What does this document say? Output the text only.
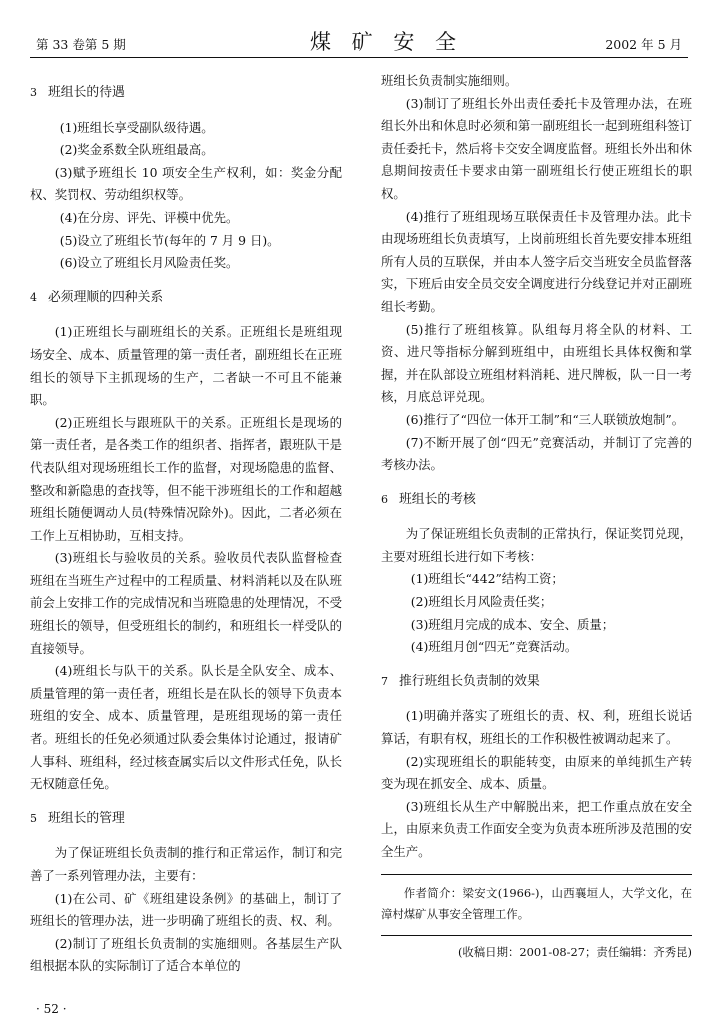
第 33 卷第 5 期	煤 矿 安 全	2002 年 5 月

3 班组长的待遇

(1)班组长享受副队级待遇。

(2)奖金系数全队班组最高。

(3)赋予班组长 10 项安全生产权利，如：奖金分配权、奖罚权、劳动组织权等。

(4)在分房、评先、评模中优先。

(5)设立了班组长节(每年的 7 月 9 日)。

(6)设立了班组长月风险责任奖。

4 必须理顺的四种关系

(1)正班组长与副班组长的关系。正班组长是班组现场安全、成本、质量管理的第一责任者，副班组长在正班组长的领导下主抓现场的生产，二者缺一不可且不能兼职。

(2)正班组长与跟班队干的关系。正班组长是现场的第一责任者，是各类工作的组织者、指挥者，跟班队干是代表队组对现场班组长工作的监督，对现场隐患的监督、整改和新隐患的查找等，但不能干涉班组长的工作和超越班组长随便调动人员(特殊情况除外)。因此，二者必须在工作上互相协助，互相支持。

(3)班组长与验收员的关系。验收员代表队监督检查班组在当班生产过程中的工程质量、材料消耗以及在队班前会上安排工作的完成情况和当班隐患的处理情况，不受班组长的领导，但受班组长的制约，和班组长一样受队的直接领导。

(4)班组长与队干的关系。队长是全队安全、成本、质量管理的第一责任者，班组长是在队长的领导下负责本班组的安全、成本、质量管理，是班组现场的第一责任者。班组长的任免必须通过队委会集体讨论通过，报请矿人事科、班组科，经过核查属实后以文件形式任免，队长无权随意任免。

5 班组长的管理

为了保证班组长负责制的推行和正常运作，制订和完善了一系列管理办法，主要有：

(1)在公司、矿《班组建设条例》的基础上，制订了班组长的管理办法，进一步明确了班组长的责、权、利。

(2)制订了班组长负责制的实施细则。各基层生产队组根据本队的实际制订了适合本单位的

班组长负责制实施细则。

(3)制订了班组长外出责任委托卡及管理办法，在班组长外出和休息时必须和第一副班组长一起到班组科签订责任委托卡，然后将卡交安全调度监督。班组长外出和休息期间按责任卡要求由第一副班组长行使正班组长的职权。

(4)推行了班组现场互联保责任卡及管理办法。此卡由现场班组长负责填写，上岗前班组长首先要安排本班组所有人员的互联保，并由本人签字后交当班安全员监督落实，下班后由安全员交安全调度进行分线登记并对正副班组长考勤。

(5)推行了班组核算。队组每月将全队的材料、工资、进尺等指标分解到班组中，由班组长具体权衡和掌握，并在队部设立班组材料消耗、进尺牌板，队一日一考核，月底总评兑现。

(6)推行了“四位一体开工制”和“三人联锁放炮制”。

(7)不断开展了创“四无”竞赛活动，并制订了完善的考核办法。

6 班组长的考核

为了保证班组长负责制的正常执行，保证奖罚兑现，主要对班组长进行如下考核：

(1)班组长“442”结构工资；

(2)班组长月风险责任奖；

(3)班组月完成的成本、安全、质量；

(4)班组月创“四无”竞赛活动。

7 推行班组长负责制的效果

(1)明确并落实了班组长的责、权、利，班组长说话算话，有职有权，班组长的工作积极性被调动起来了。

(2)实现班组长的职能转变，由原来的单纯抓生产转变为现在抓安全、成本、质量。

(3)班组长从生产中解脱出来，把工作重点放在安全上，由原来负责工作面安全变为负责本班所涉及范围的安全生产。

作者简介：梁安文(1966-)，山西襄垣人，大学文化，在漳村煤矿从事安全管理工作。

(收稿日期：2001-08-27；责任编辑：齐秀昆)

· 52 ·
